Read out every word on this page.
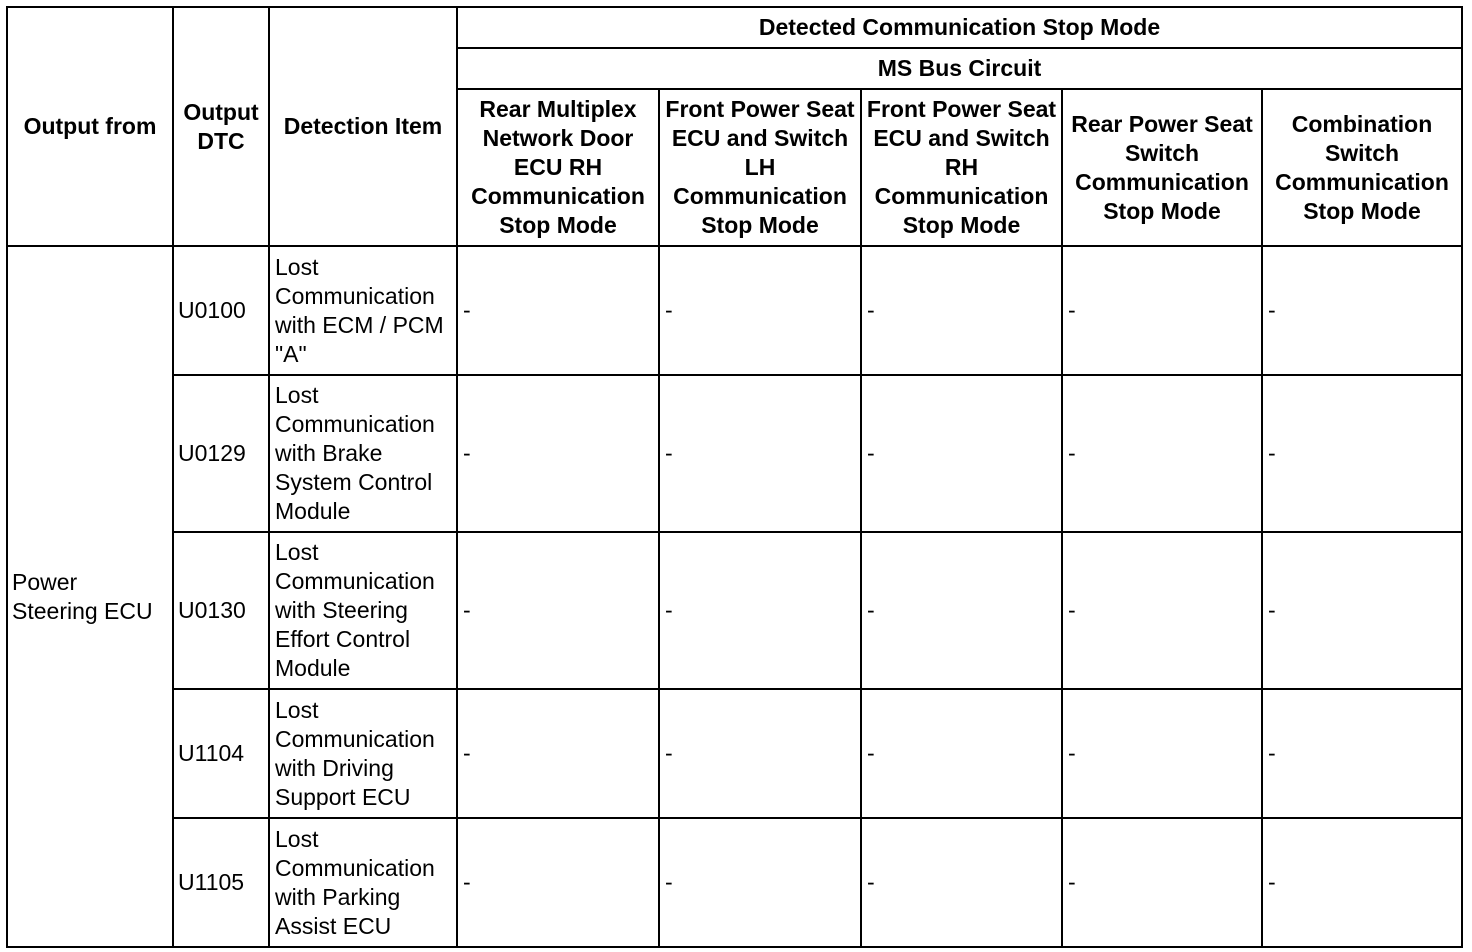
Output from	Output DTC	Detection Item	Detected Communication Stop Mode				
			MS Bus Circuit				
			Rear Multiplex Network Door ECU RH Communication Stop Mode	Front Power Seat ECU and Switch LH Communication Stop Mode	Front Power Seat ECU and Switch RH Communication Stop Mode	Rear Power Seat Switch Communication Stop Mode	Combination Switch Communication Stop Mode
Power Steering ECU	U0100	Lost Communication with ECM / PCM "A"	-	-	-	-	-
	U0129	Lost Communication with Brake System Control Module	-	-	-	-	-
	U0130	Lost Communication with Steering Effort Control Module	-	-	-	-	-
	U1104	Lost Communication with Driving Support ECU	-	-	-	-	-
	U1105	Lost Communication with Parking Assist ECU	-	-	-	-	-
